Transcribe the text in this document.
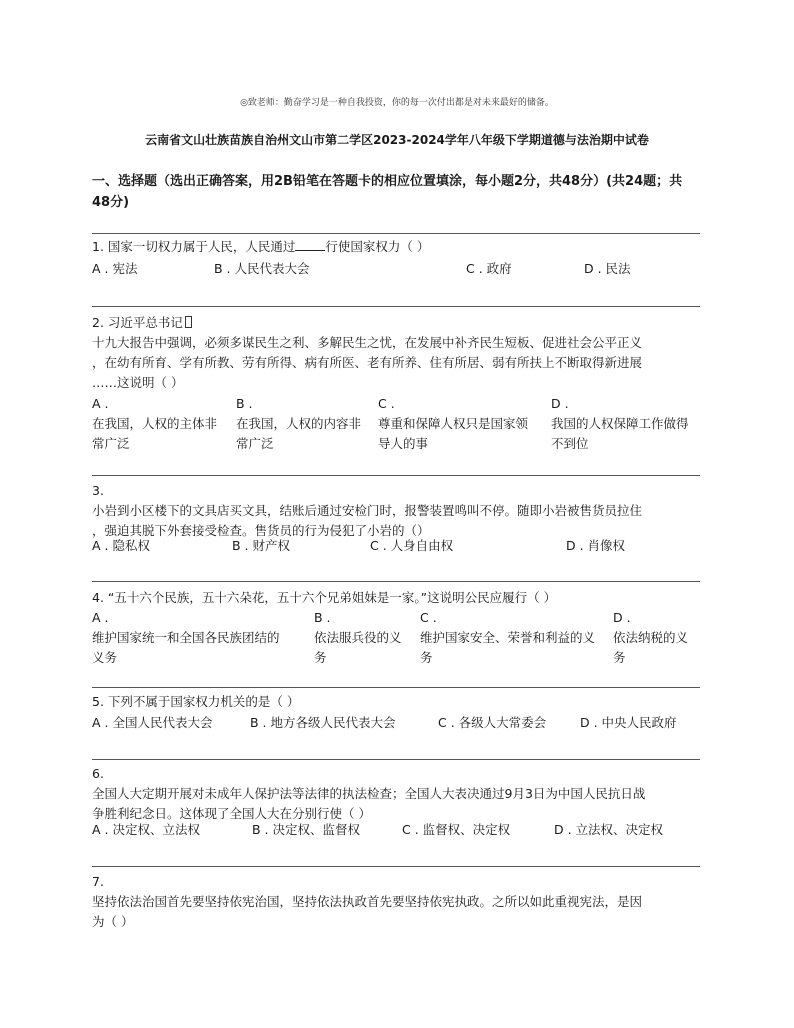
◎致老师：勤奋学习是一种自我投资，你的每一次付出都是对未来最好的储备。
云南省文山壮族苗族自治州文山市第二学区2023-2024学年八年级下学期道德与法治期中试卷
一、选择题（选出正确答案，用2B铅笔在答题卡的相应位置填涂，每小题2分，共48分）(共24题；共
48分)
1. 国家一切权力属于人民，人民通过 行使国家权力（ ）
A . 宪法	B . 人民代表大会	C . 政府	D . 民法
2. 习近平总书记
十九大报告中强调，必须多谋民生之利、多解民生之忧，在发展中补齐民生短板、促进社会公平正义
，在幼有所育、学有所教、劳有所得、病有所医、老有所养、住有所居、弱有所扶上不断取得新进展
……这说明（ ）
A .
在我国，人权的主体非
常广泛
B .
在我国，人权的内容非
常广泛
C .
尊重和保障人权只是国家领
导人的事
D .
我国的人权保障工作做得
不到位
3.
小岩到小区楼下的文具店买文具，结账后通过安检门时，报警装置鸣叫不停。随即小岩被售货员拉住
，强迫其脱下外套接受检查。售货员的行为侵犯了小岩的（）
A . 隐私权	B . 财产权	C . 人身自由权	D . 肖像权
4. “五十六个民族，五十六朵花，五十六个兄弟姐妹是一家。”这说明公民应履行（ ）
A .
维护国家统一和全国各民族团结的
义务
B .
依法服兵役的义
务
C .
维护国家安全、荣誉和利益的义
务
D .
依法纳税的义
务
5. 下列不属于国家权力机关的是（ ）
A . 全国人民代表大会	B . 地方各级人民代表大会	C . 各级人大常委会	D . 中央人民政府
6.
全国人大定期开展对未成年人保护法等法律的执法检查；全国人大表决通过9月3日为中国人民抗日战
争胜利纪念日。这体现了全国人大在分别行使（ ）
A . 决定权、立法权	B . 决定权、监督权	C . 监督权、决定权	D . 立法权、决定权
7.
坚持依法治国首先要坚持依宪治国，坚持依法执政首先要坚持依宪执政。之所以如此重视宪法，是因
为（ ）
